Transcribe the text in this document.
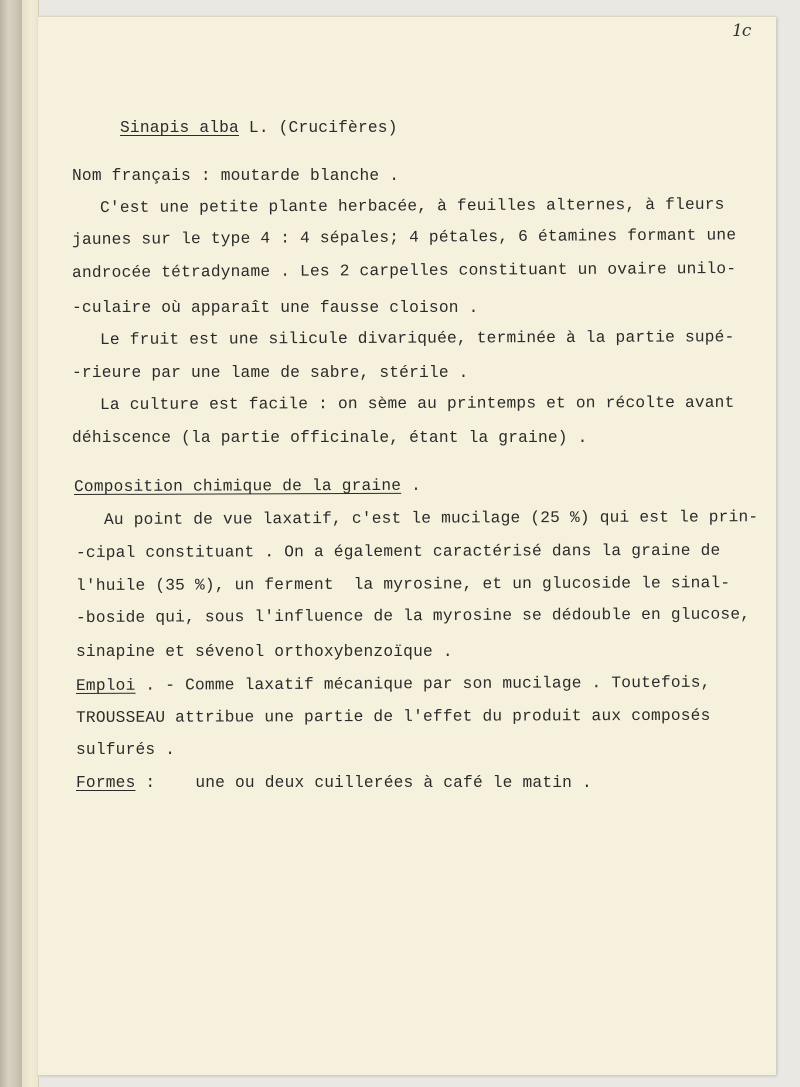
1c
Sinapis alba L. (Crucifères)
Nom français : moutarde blanche .
C'est une petite plante herbacée, à feuilles alternes, à fleurs
jaunes sur le type 4 : 4 sépales; 4 pétales, 6 étamines formant une
androcée tétradyname . Les 2 carpelles constituant un ovaire unilo-
-culaire où apparaît une fausse cloison .
Le fruit est une silicule divariquée, terminée à la partie supé-
-rieure par une lame de sabre, stérile .
La culture est facile : on sème au printemps et on récolte avant
déhiscence (la partie officinale, étant la graine) .
Composition chimique de la graine .
Au point de vue laxatif, c'est le mucilage (25 %) qui est le prin-
-cipal constituant . On a également caractérisé dans la graine de
l'huile (35 %), un ferment  la myrosine, et un glucoside le sinal-
-boside qui, sous l'influence de la myrosine se dédouble en glucose,
sinapine et sévenol orthoxybenzoïque .
Emploi . - Comme laxatif mécanique par son mucilage . Toutefois,
TROUSSEAU attribue une partie de l'effet du produit aux composés
sulfurés .
Formes : une ou deux cuillerées à café le matin .
